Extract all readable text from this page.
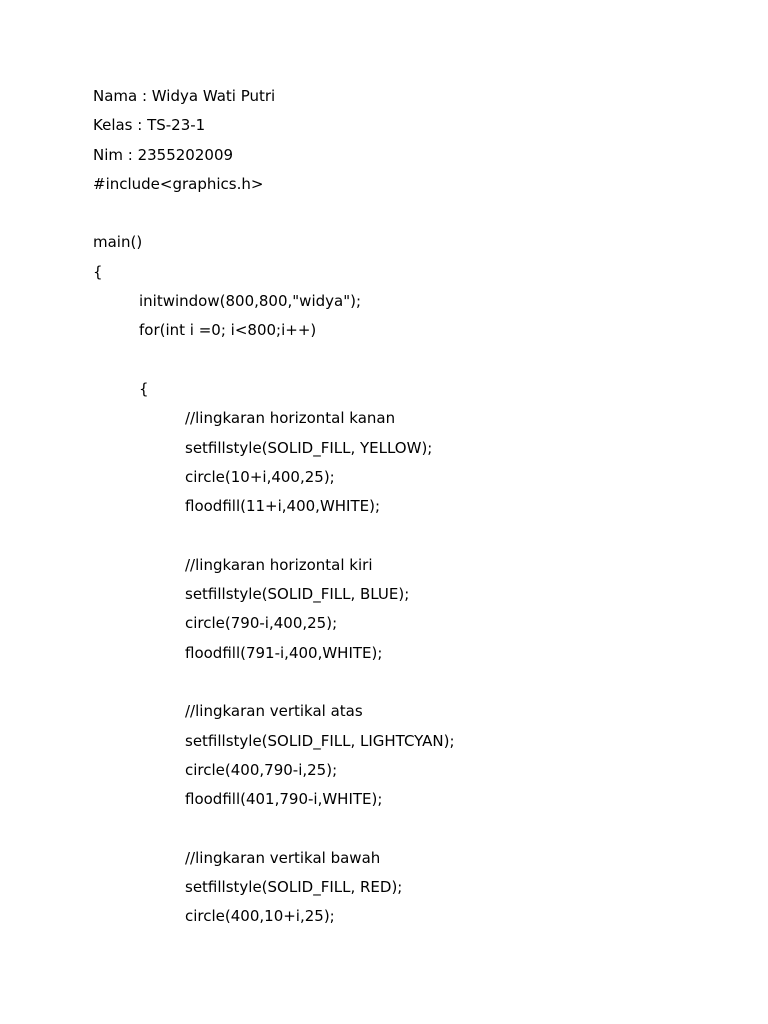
Nama : Widya Wati Putri
Kelas : TS-23-1
Nim : 2355202009
#include<graphics.h>
main()
{
initwindow(800,800,"widya");
for(int i =0; i<800;i++)
{
//lingkaran horizontal kanan
setfillstyle(SOLID_FILL, YELLOW);
circle(10+i,400,25);
floodfill(11+i,400,WHITE);
//lingkaran horizontal kiri
setfillstyle(SOLID_FILL, BLUE);
circle(790-i,400,25);
floodfill(791-i,400,WHITE);
//lingkaran vertikal atas
setfillstyle(SOLID_FILL, LIGHTCYAN);
circle(400,790-i,25);
floodfill(401,790-i,WHITE);
//lingkaran vertikal bawah
setfillstyle(SOLID_FILL, RED);
circle(400,10+i,25);
